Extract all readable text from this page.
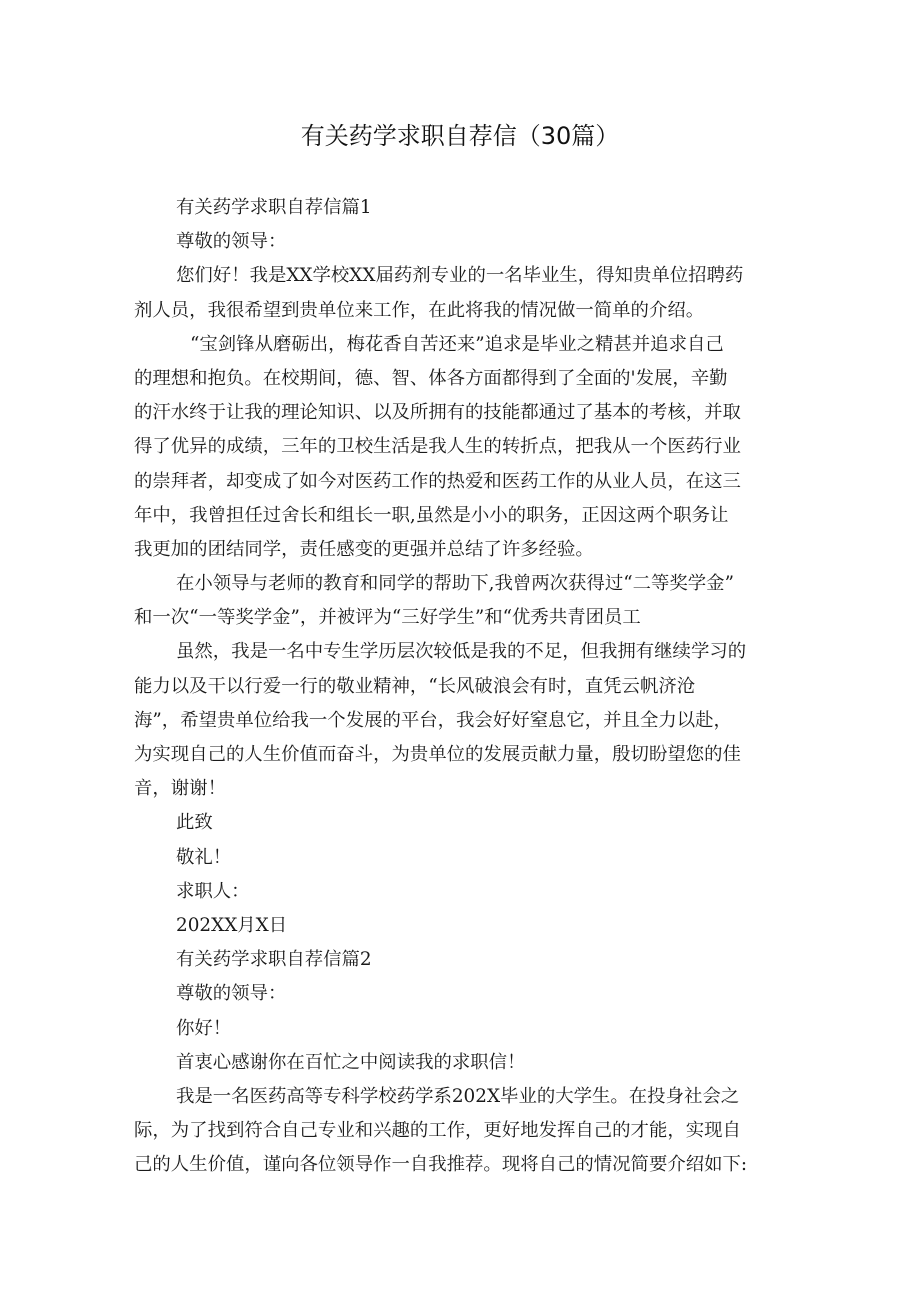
有关药学求职自荐信（30篇）
有关药学求职自荐信篇1
尊敬的领导：
您们好！我是XX学校XX届药剂专业的一名毕业生，得知贵单位招聘药
剂人员，我很希望到贵单位来工作，在此将我的情况做一简单的介绍。
“宝剑锋从磨砺出，梅花香自苦还来”追求是毕业之精甚并追求自己
的理想和抱负。在校期间，德、智、体各方面都得到了全面的'发展，辛勤
的汗水终于让我的理论知识、以及所拥有的技能都通过了基本的考核，并取
得了优异的成绩，三年的卫校生活是我人生的转折点，把我从一个医药行业
的崇拜者，却变成了如今对医药工作的热爱和医药工作的从业人员，在这三
年中，我曾担任过舍长和组长一职,虽然是小小的职务，正因这两个职务让
我更加的团结同学，责任感变的更强并总结了许多经验。
在小领导与老师的教育和同学的帮助下,我曾两次获得过“二等奖学金”
和一次“一等奖学金”，并被评为“三好学生”和“优秀共青团员工
虽然，我是一名中专生学历层次较低是我的不足，但我拥有继续学习的
能力以及干以行爱一行的敬业精神，“长风破浪会有时，直凭云帆济沧
海”，希望贵单位给我一个发展的平台，我会好好窒息它，并且全力以赴，
为实现自己的人生价值而奋斗，为贵单位的发展贡献力量，殷切盼望您的佳
音，谢谢！
此致
敬礼！
求职人：
202XX月X日
有关药学求职自荐信篇2
尊敬的领导：
你好！
首衷心感谢你在百忙之中阅读我的求职信！
我是一名医药高等专科学校药学系202X毕业的大学生。在投身社会之
际，为了找到符合自己专业和兴趣的工作，更好地发挥自己的才能，实现自
己的人生价值，谨向各位领导作一自我推荐。现将自己的情况简要介绍如下:
